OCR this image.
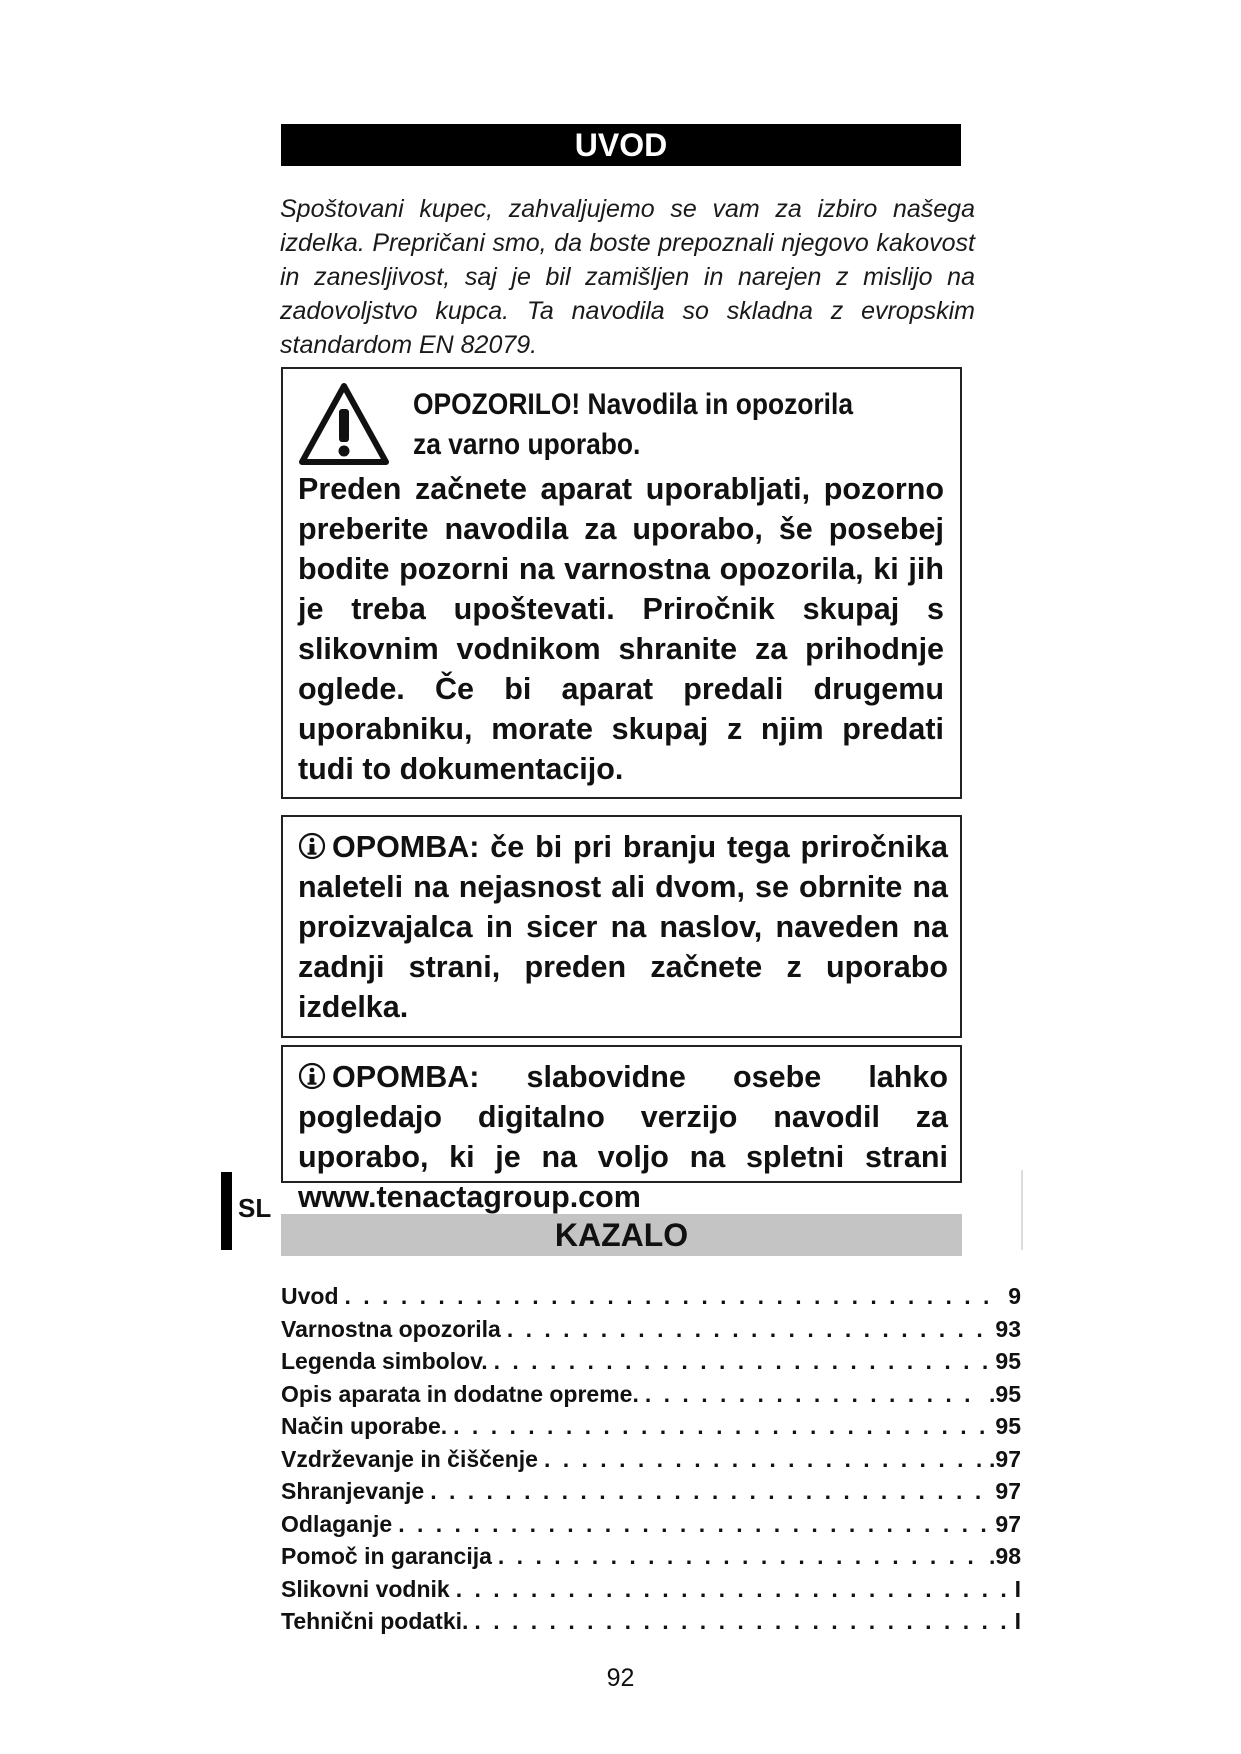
UVOD

Spoštovani kupec, zahvaljujemo se vam za izbiro našega izdelka. Prepričani smo, da boste prepoznali njegovo kakovost in zanesljivost, saj je bil zamišljen in narejen z mislijo na zadovoljstvo kupca. Ta navodila so skladna z evropskim standardom EN 82079.

OPOZORILO! Navodila in opozorila za varno uporabo.

Preden začnete aparat uporabljati, pozorno preberite navodila za uporabo, še posebej bodite pozorni na varnostna opozorila, ki jih je treba upoštevati. Priročnik skupaj s slikovnim vodnikom shranite za prihodnje oglede. Če bi aparat predali drugemu uporabniku, morate skupaj z njim predati tudi to dokumentacijo.

OPOMBA: če bi pri branju tega priročnika naleteli na nejasnost ali dvom, se obrnite na proizvajalca in sicer na naslov, naveden na zadnji strani, preden začnete z uporabo izdelka.

OPOMBA: slabovidne osebe lahko pogledajo digitalno verzijo navodil za uporabo, ki je na voljo na spletni strani www.tenactagroup.com

SL
KAZALO
Uvod . . .	9
Varnostna opozorila . . .	93
Legenda simbolov. . . .	95
Opis aparata in dodatne opreme. . . .	.95
Način uporabe. . . .	95
Vzdrževanje in čiščenje . . .	.97
Shranjevanje . . .	97
Odlaganje . . .	97
Pomoč in garancija . . .	.98
Slikovni vodnik . . .	I
Tehnični podatki. . . .	I
92
